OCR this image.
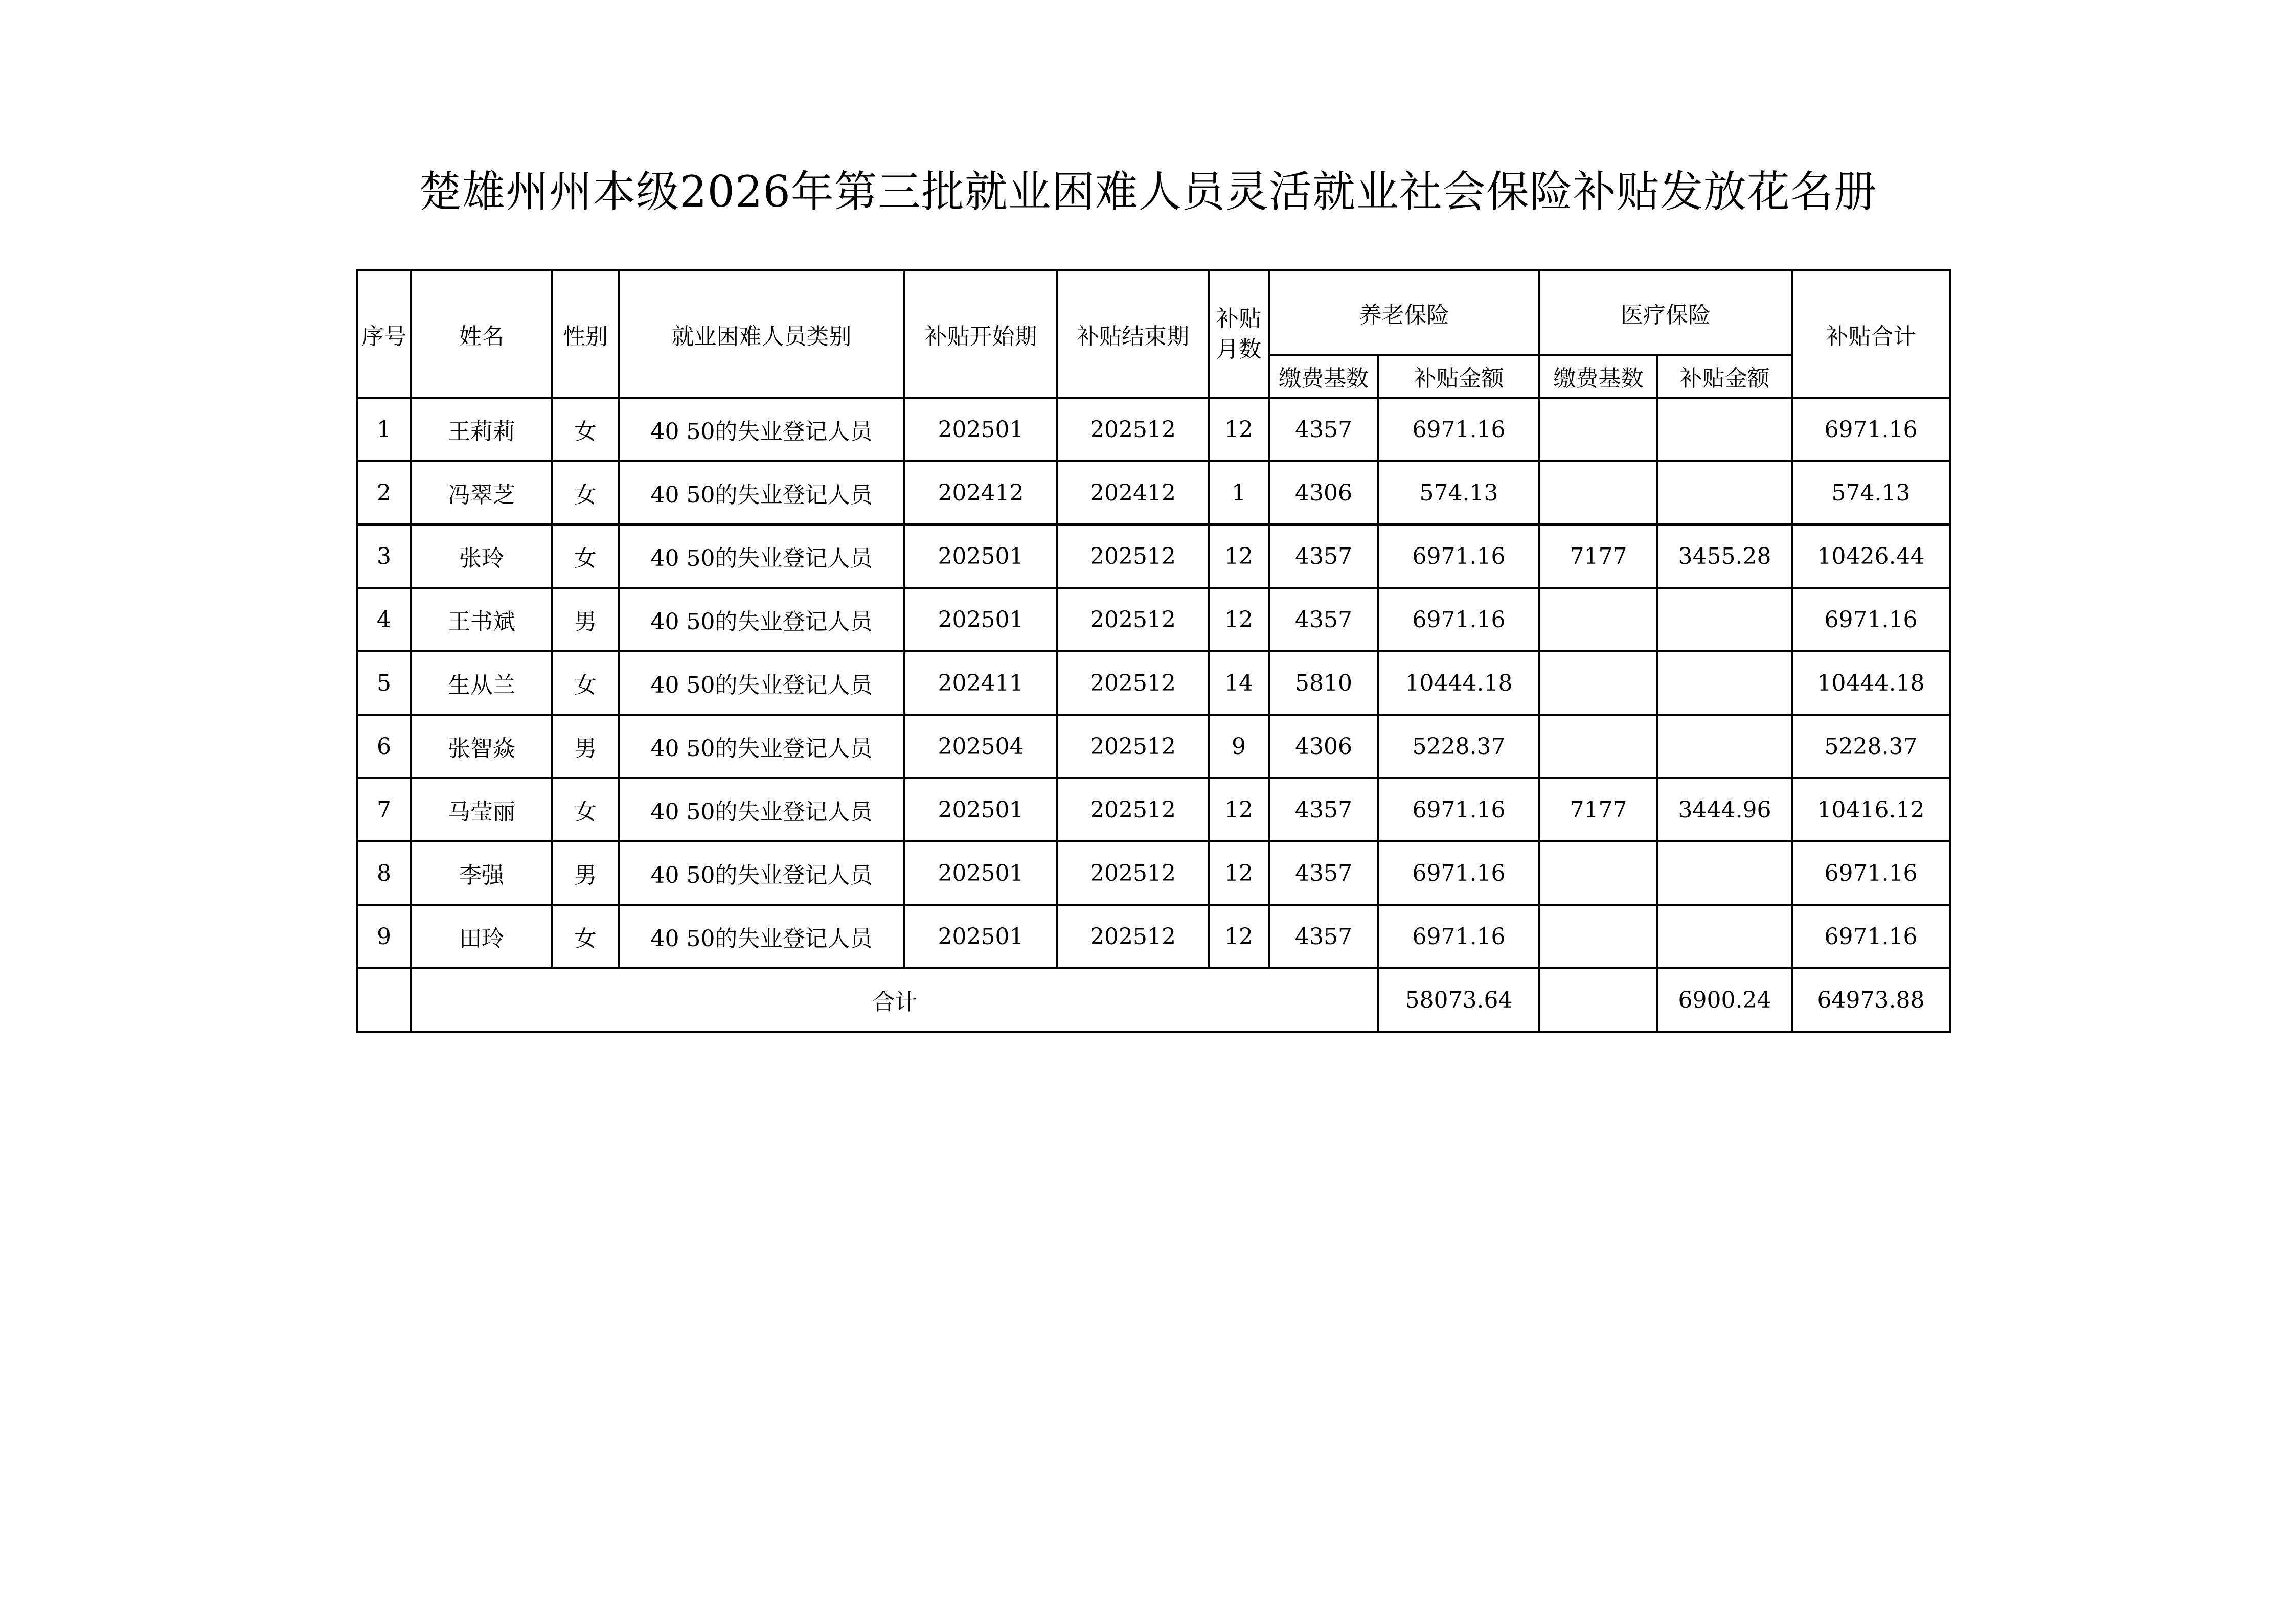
楚雄州州本级2026年第三批就业困难人员灵活就业社会保险补贴发放花名册
序号	姓名	性别	就业困难人员类别	补贴开始期	补贴结束期	补贴月数	养老保险		医疗保险		补贴合计
							缴费基数	补贴金额	缴费基数	补贴金额	
1	王莉莉	女	40 50的失业登记人员	202501	202512	12	4357	6971.16			6971.16
2	冯翠芝	女	40 50的失业登记人员	202412	202412	1	4306	574.13			574.13
3	张玲	女	40 50的失业登记人员	202501	202512	12	4357	6971.16	7177	3455.28	10426.44
4	王书斌	男	40 50的失业登记人员	202501	202512	12	4357	6971.16			6971.16
5	生从兰	女	40 50的失业登记人员	202411	202512	14	5810	10444.18			10444.18
6	张智焱	男	40 50的失业登记人员	202504	202512	9	4306	5228.37			5228.37
7	马莹丽	女	40 50的失业登记人员	202501	202512	12	4357	6971.16	7177	3444.96	10416.12
8	李强	男	40 50的失业登记人员	202501	202512	12	4357	6971.16			6971.16
9	田玲	女	40 50的失业登记人员	202501	202512	12	4357	6971.16			6971.16
	合计							58073.64		6900.24	64973.88
